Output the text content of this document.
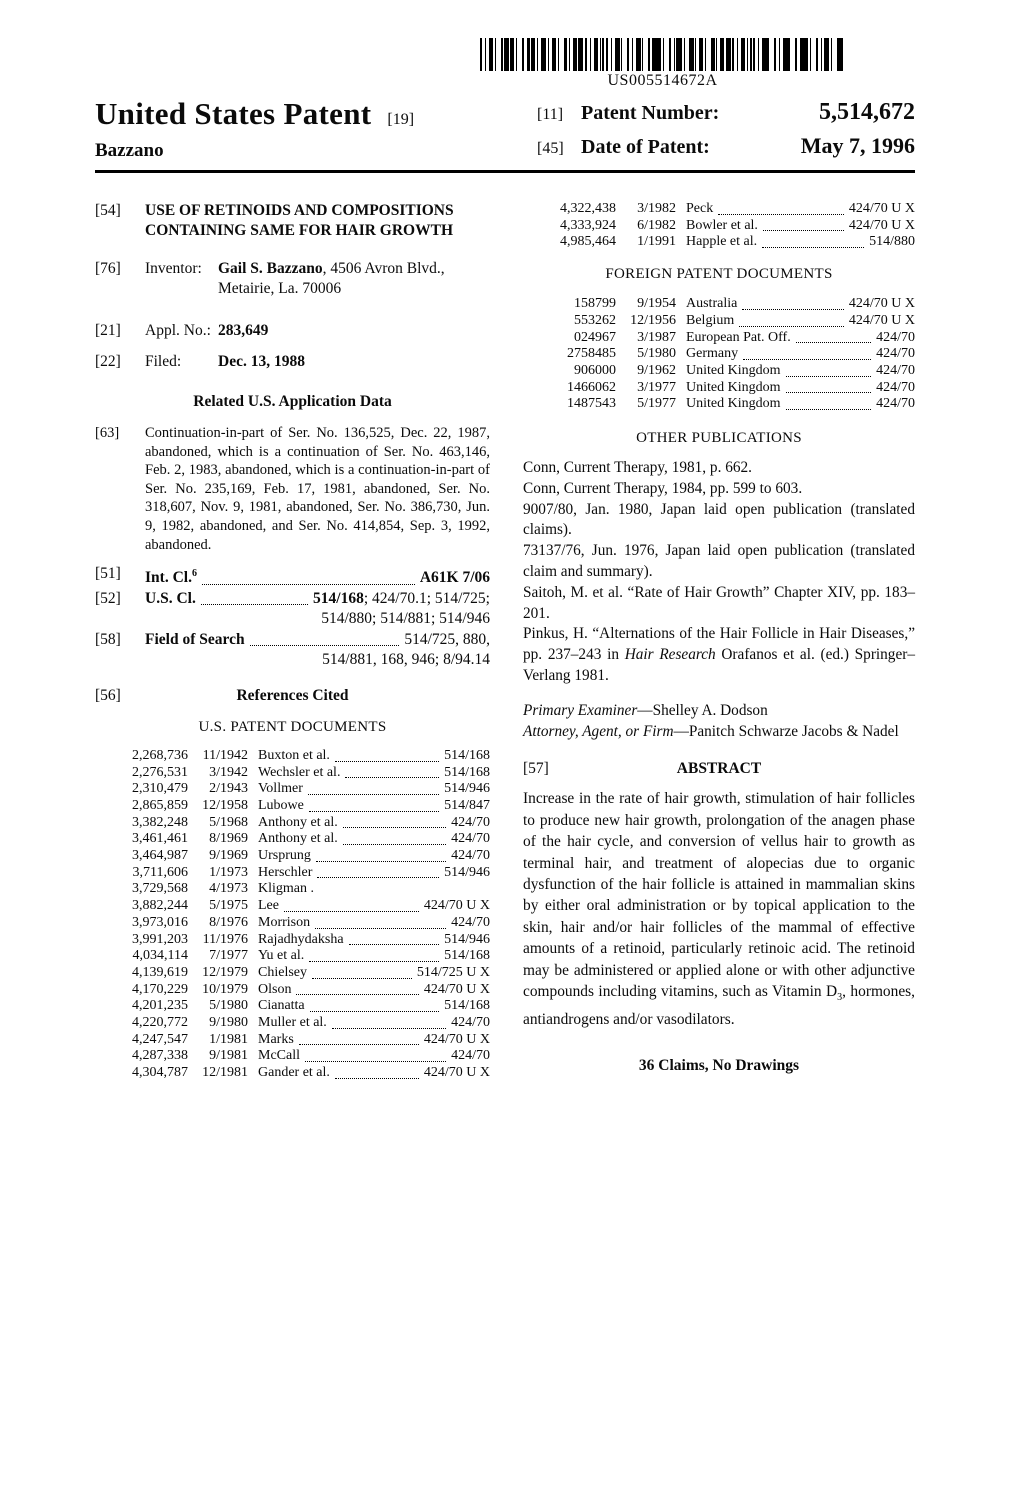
US005514672A
United States Patent [19]
Bazzano
[11] Patent Number:	5,514,672
[45] Date of Patent:	May 7, 1996
[54]	USE OF RETINOIDS AND COMPOSITIONS CONTAINING SAME FOR HAIR GROWTH
[76]	Inventor:	Gail S. Bazzano, 4506 Avron Blvd., Metairie, La. 70006
[21]	Appl. No.: 283,649
[22]	Filed:	Dec. 13, 1988
Related U.S. Application Data
[63]	Continuation-in-part of Ser. No. 136,525, Dec. 22, 1987, abandoned, which is a continuation of Ser. No. 463,146, Feb. 2, 1983, abandoned, which is a continuation-in-part of Ser. No. 235,169, Feb. 17, 1981, abandoned, Ser. No. 318,607, Nov. 9, 1981, abandoned, Ser. No. 386,730, Jun. 9, 1982, abandoned, and Ser. No. 414,854, Sep. 3, 1992, abandoned.
[51]	Int. Cl.$^6$	A61K 7/06
[52]	U.S. Cl.	514/168; 424/70.1; 514/725;
514/880; 514/881; 514/946
[58]	Field of Search	514/725, 880,
514/881, 168, 946; 8/94.14
[56]	References Cited
U.S. PATENT DOCUMENTS
2,268,736	11/1942 Buxton et al.	514/168
2,276,531	3/1942 Wechsler et al.	514/168
2,310,479	2/1943 Vollmer	514/946
2,865,859	12/1958 Lubowe	514/847
3,382,248	5/1968 Anthony et al.	424/70
3,461,461	8/1969 Anthony et al.	424/70
3,464,987	9/1969 Ursprung	424/70
3,711,606	1/1973 Herschler	514/946
3,729,568	4/1973 Kligman .
3,882,244	5/1975 Lee	424/70 U X
3,973,016	8/1976 Morrison	424/70
3,991,203	11/1976 Rajadhydaksha	514/946
4,034,114	7/1977 Yu et al.	514/168
4,139,619	12/1979 Chielsey	514/725 U X
4,170,229	10/1979 Olson	424/70 U X
4,201,235	5/1980 Cianatta	514/168
4,220,772	9/1980 Muller et al.	424/70
4,247,547	1/1981 Marks	424/70 U X
4,287,338	9/1981 McCall	424/70
4,304,787	12/1981 Gander et al.	424/70 U X
4,322,438	3/1982 Peck	424/70 U X
4,333,924	6/1982 Bowler et al.	424/70 U X
4,985,464	1/1991 Happle et al.	514/880
FOREIGN PATENT DOCUMENTS
158799	9/1954 Australia	424/70 U X
553262	12/1956 Belgium	424/70 U X
024967	3/1987 European Pat. Off.	424/70
2758485	5/1980 Germany	424/70
906000	9/1962 United Kingdom	424/70
1466062	3/1977 United Kingdom	424/70
1487543	5/1977 United Kingdom	424/70
OTHER PUBLICATIONS

Conn, Current Therapy, 1981, p. 662.

Conn, Current Therapy, 1984, pp. 599 to 603.

9007/80, Jan. 1980, Japan laid open publication (translated claims).

73137/76, Jun. 1976, Japan laid open publication (translated claim and summary).

Saitoh, M. et al. “Rate of Hair Growth” Chapter XIV, pp. 183–201.

Pinkus, H. “Alternations of the Hair Follicle in Hair Diseases,” pp. 237–243 in Hair Research Orafanos et al. (ed.) Springer–Verlang 1981.

Primary Examiner—Shelley A. Dodson
Attorney, Agent, or Firm—Panitch Schwarze Jacobs & Nadel
[57]	ABSTRACT

Increase in the rate of hair growth, stimulation of hair follicles to produce new hair growth, prolongation of the anagen phase of the hair cycle, and conversion of vellus hair to growth as terminal hair, and treatment of alopecias due to organic dysfunction of the hair follicle is attained in mammalian skins by either oral administration or by topical application to the skin, hair and/or hair follicles of the mammal of effective amounts of a retinoid, particularly retinoic acid. The retinoid may be administered or applied alone or with other adjunctive compounds including vitamins, such as Vitamin $D_3$, hormones, antiandrogens and/or vasodilators.

36 Claims, No Drawings
